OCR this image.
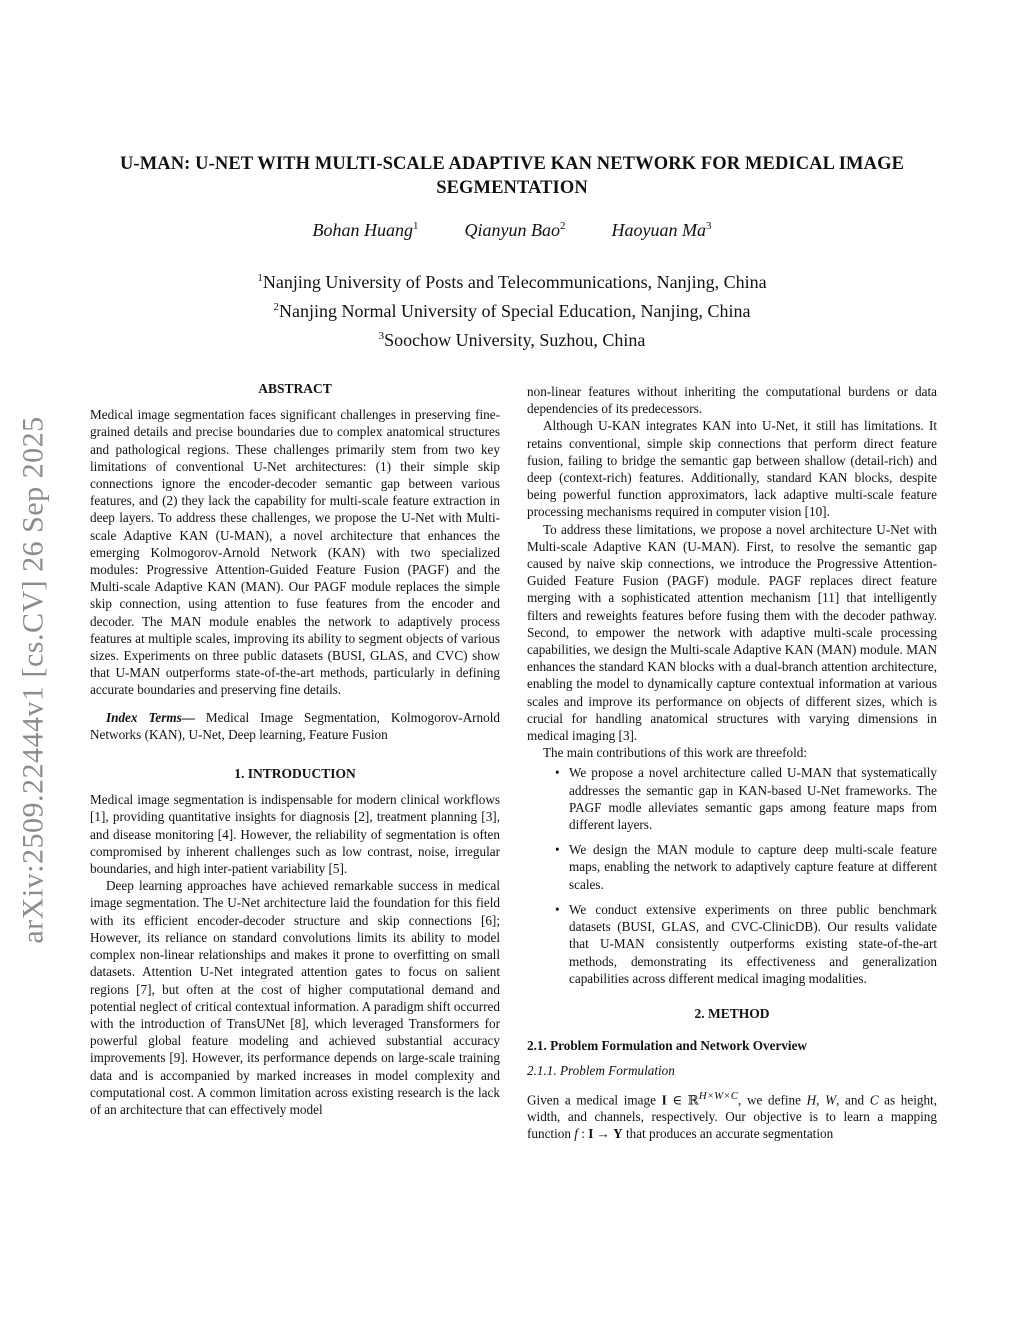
arXiv:2509.22444v1 [cs.CV] 26 Sep 2025
U-MAN: U-NET WITH MULTI-SCALE ADAPTIVE KAN NETWORK FOR MEDICAL IMAGE
SEGMENTATION
Bohan Huang$^1$	Qianyun Bao$^2$	Haoyuan Ma$^3$
$^1$Nanjing University of Posts and Telecommunications, Nanjing, China
$^2$Nanjing Normal University of Special Education, Nanjing, China
$^3$Soochow University, Suzhou, China
ABSTRACT

Medical image segmentation faces significant challenges in preserving fine-grained details and precise boundaries due to complex anatomical structures and pathological regions. These challenges primarily stem from two key limitations of conventional U-Net architectures: (1) their simple skip connections ignore the encoder-decoder semantic gap between various features, and (2) they lack the capability for multi-scale feature extraction in deep layers. To address these challenges, we propose the U-Net with Multi-scale Adaptive KAN (U-MAN), a novel architecture that enhances the emerging Kolmogorov-Arnold Network (KAN) with two specialized modules: Progressive Attention-Guided Feature Fusion (PAGF) and the Multi-scale Adaptive KAN (MAN). Our PAGF module replaces the simple skip connection, using attention to fuse features from the encoder and decoder. The MAN module enables the network to adaptively process features at multiple scales, improving its ability to segment objects of various sizes. Experiments on three public datasets (BUSI, GLAS, and CVC) show that U-MAN outperforms state-of-the-art methods, particularly in defining accurate boundaries and preserving fine details.

Index Terms— Medical Image Segmentation, Kolmogorov-Arnold Networks (KAN), U-Net, Deep learning, Feature Fusion

1. INTRODUCTION

Medical image segmentation is indispensable for modern clinical workflows [1], providing quantitative insights for diagnosis [2], treatment planning [3], and disease monitoring [4]. However, the reliability of segmentation is often compromised by inherent challenges such as low contrast, noise, irregular boundaries, and high inter-patient variability [5].

Deep learning approaches have achieved remarkable success in medical image segmentation. The U-Net architecture laid the foundation for this field with its efficient encoder-decoder structure and skip connections [6]; However, its reliance on standard convolutions limits its ability to model complex non-linear relationships and makes it prone to overfitting on small datasets. Attention U-Net integrated attention gates to focus on salient regions [7], but often at the cost of higher computational demand and potential neglect of critical contextual information. A paradigm shift occurred with the introduction of TransUNet [8], which leveraged Transformers for powerful global feature modeling and achieved substantial accuracy improvements [9]. However, its performance depends on large-scale training data and is accompanied by marked increases in model complexity and computational cost. A common limitation across existing research is the lack of an architecture that can effectively model

non-linear features without inheriting the computational burdens or data dependencies of its predecessors.

Although U-KAN integrates KAN into U-Net, it still has limitations. It retains conventional, simple skip connections that perform direct feature fusion, failing to bridge the semantic gap between shallow (detail-rich) and deep (context-rich) features. Additionally, standard KAN blocks, despite being powerful function approximators, lack adaptive multi-scale feature processing mechanisms required in computer vision [10].

To address these limitations, we propose a novel architecture U-Net with Multi-scale Adaptive KAN (U-MAN). First, to resolve the semantic gap caused by naive skip connections, we introduce the Progressive Attention-Guided Feature Fusion (PAGF) module. PAGF replaces direct feature merging with a sophisticated attention mechanism [11] that intelligently filters and reweights features before fusing them with the decoder pathway. Second, to empower the network with adaptive multi-scale processing capabilities, we design the Multi-scale Adaptive KAN (MAN) module. MAN enhances the standard KAN blocks with a dual-branch attention architecture, enabling the model to dynamically capture contextual information at various scales and improve its performance on objects of different sizes, which is crucial for handling anatomical structures with varying dimensions in medical imaging [3].

The main contributions of this work are threefold:

• We propose a novel architecture called U-MAN that systematically addresses the semantic gap in KAN-based U-Net frameworks. The PAGF modle alleviates semantic gaps among feature maps from different layers.
• We design the MAN module to capture deep multi-scale feature maps, enabling the network to adaptively capture feature at different scales.
• We conduct extensive experiments on three public benchmark datasets (BUSI, GLAS, and CVC-ClinicDB). Our results validate that U-MAN consistently outperforms existing state-of-the-art methods, demonstrating its effectiveness and generalization capabilities across different medical imaging modalities.
2. METHOD
2.1. Problem Formulation and Network Overview
2.1.1. Problem Formulation

Given a medical image I ∈ ℝ$^{H\times W\times C}$, we define H, W, and C as height, width, and channels, respectively. Our objective is to learn a mapping function f : I → Y that produces an accurate segmentation
